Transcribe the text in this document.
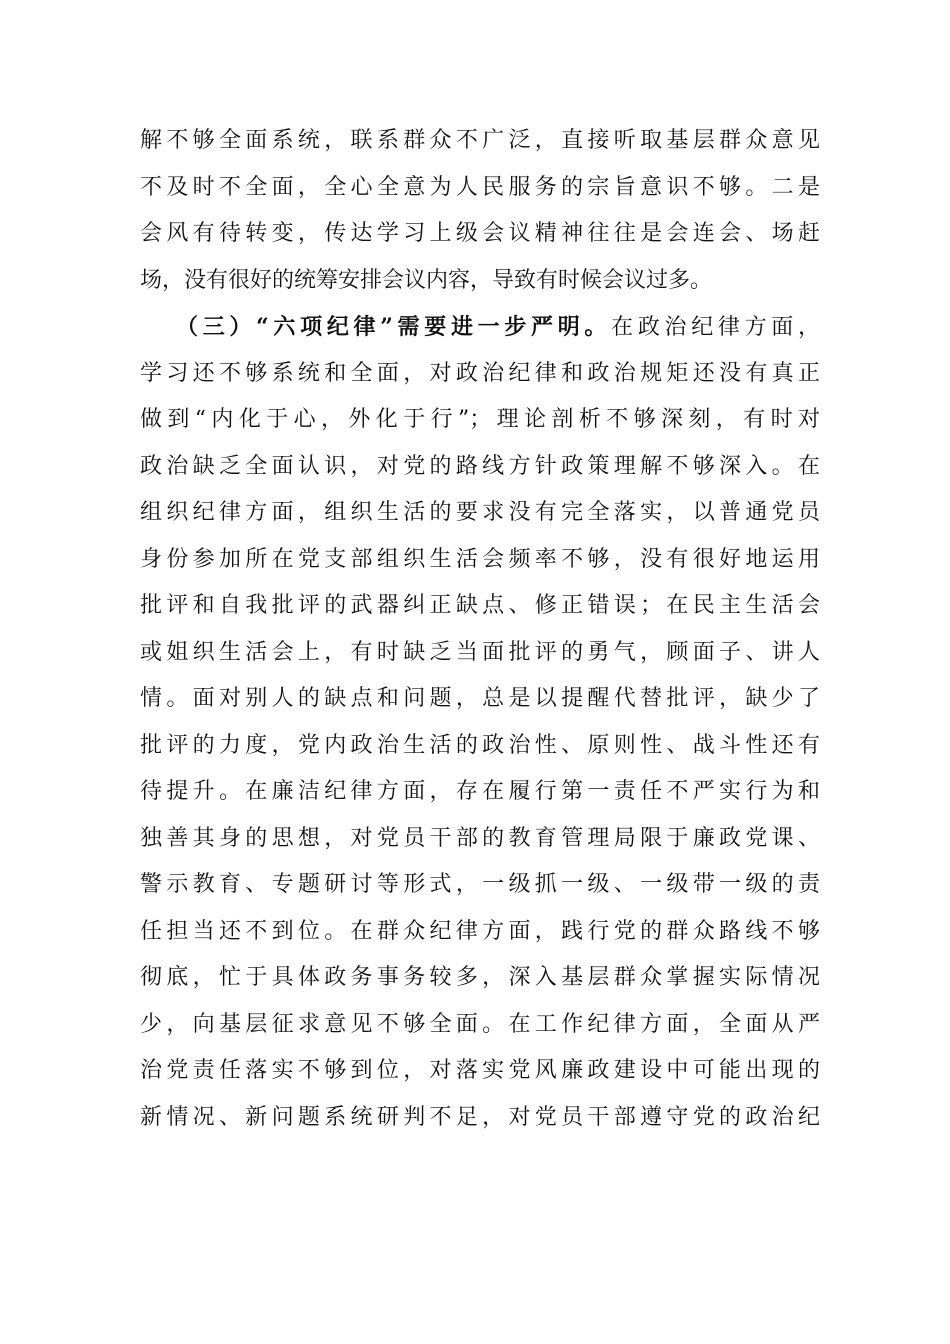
解不够全面系统，联系群众不广泛，直接听取基层群众意见
不及时不全面，全心全意为人民服务的宗旨意识不够。二是
会风有待转变，传达学习上级会议精神往往是会连会、场赶
场，没有很好的统筹安排会议内容，导致有时候会议过多。
（三）“六项纪律”需要进一步严明。在政治纪律方面，
学习还不够系统和全面，对政治纪律和政治规矩还没有真正
做到“内化于心，外化于行”；理论剖析不够深刻，有时对
政治缺乏全面认识，对党的路线方针政策理解不够深入。在
组织纪律方面，组织生活的要求没有完全落实，以普通党员
身份参加所在党支部组织生活会频率不够，没有很好地运用
批评和自我批评的武器纠正缺点、修正错误；在民主生活会
或姐织生活会上，有时缺乏当面批评的勇气，顾面子、讲人
情。面对别人的缺点和问题，总是以提醒代替批评，缺少了
批评的力度，党内政治生活的政治性、原则性、战斗性还有
待提升。在廉洁纪律方面，存在履行第一责任不严实行为和
独善其身的思想，对党员干部的教育管理局限于廉政党课、
警示教育、专题研讨等形式，一级抓一级、一级带一级的责
任担当还不到位。在群众纪律方面，践行党的群众路线不够
彻底，忙于具体政务事务较多，深入基层群众掌握实际情况
少，向基层征求意见不够全面。在工作纪律方面，全面从严
治党责任落实不够到位，对落实党风廉政建设中可能出现的
新情况、新问题系统研判不足，对党员干部遵守党的政治纪
